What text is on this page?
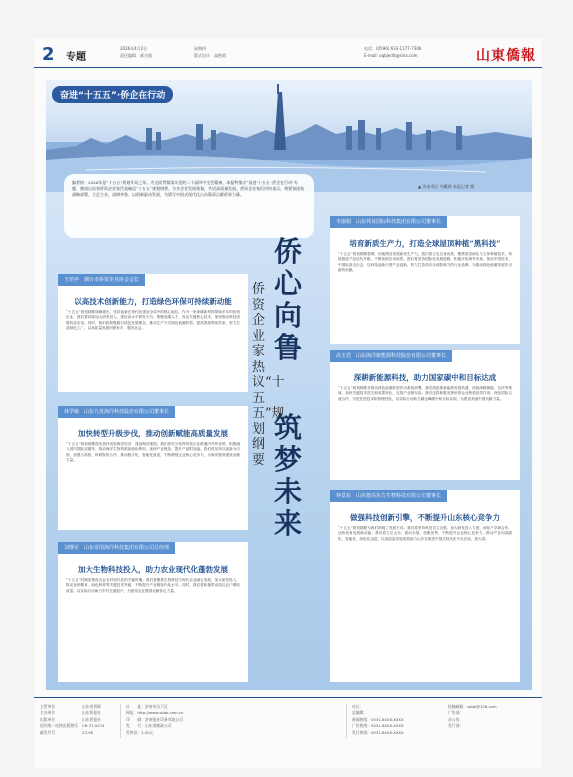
2 专题
2026年4月2日
责任编辑：郝吉霞
星期四
版式设计：高艳霞
电话：(0596) 633-1177-7306
E-mail: oqbjedit@sina.com	山東僑報
奋进“十五五”·侨企在行动
编者按：2026年是“十五五”规划开局之年。为全面贯彻落实党的二十届四中全会精神，本报特推出“奋进‘十五五’·侨企在行动”专题，邀请山东省侨资企业家代表畅谈“十五五”规划纲要，分享企业发展规划，共话高质量发展。侨资企业家们纷纷表示，将紧扣国家战略部署，立足主业、深耕齐鲁，以创新驱动发展，为谱写中国式现代化山东篇章贡献侨界力量。
▲ 济南市区 鸟瞰图 本报记者 摄
侨心向鲁
筑梦未来
侨资企业家热议“十五五”规划纲要
王培亭　烟台市侨资企业协会会长
以高技术创新能力，打造绿色环保可持续新动能
“十五五”规划纲要明确提出，坚持创新在现代化建设全局中的核心地位。作为一家深耕新材料领域多年的侨资企业，我们将持续加大研发投入，建设高水平研发平台，集聚高端人才，攻克关键核心技术，加快推动科技成果转化应用。同时，我们将积极践行绿色发展理念，推动生产方式绿色低碳转型，提高资源利用效率，努力打造绿色工厂，以高质量发展回报家乡、服务社会。
林学敏　山东九发海洋科技股份有限公司董事长
加快转型升级步伐，推动创新赋能高质量发展
“十五五”规划纲要提出加快发展海洋经济，建设海洋强国。我们将充分发挥侨资企业联通内外的优势，积极融入国内国际双循环，推动海洋生物资源高值化利用，延伸产业链条，提升产品附加值。我们将坚持以创新为引领，加强与高校、科研院所合作，推动数字化、智能化改造，不断增强企业核心竞争力，为海洋强省建设贡献力量。
刘继军　山东帝国海洋科技集团有限公司总经理
加大生物科技投入，助力农业现代化蓬勃发展
“十五五”时期是推进农业农村现代化的关键时期。我们将聚焦生物科技与现代农业融合发展，加大研发投入，推动良种繁育、绿色种养等关键技术突破，不断提升产业链现代化水平。同时，我们将积极带动周边农户增收致富，以实际行动助力乡村全面振兴，为建设农业强国贡献侨企力量。
李淑娟　山东邦业国际科技集团有限公司董事长
培育新质生产力，打造全球屋顶种植“黑科技”
“十五五”规划纲要强调，因地制宜发展新质生产力。我们将立足自身优势，聚焦屋顶绿化与立体种植技术，持续推进产品迭代升级，不断拓展应用场景。我们将坚持国际化发展道路，积极开拓海外市场，推动中国技术、中国标准走出去，以科技创新引领产业创新，努力打造具有全球影响力的行业品牌，为推动绿色低碳发展作出新的贡献。
高玉君　山东海洋新能源科技股份有限公司董事长
深耕新能源科技，助力国家碳中和目标达成
“十五五”规划纲要对推动绿色低碳转型作出系统部署。我们将抢抓新能源发展机遇，持续深耕储能、光伏等领域，加快关键技术攻关和成果转化，完善产业链布局。我们还将积极发挥侨资企业桥梁纽带作用，深化国际交流合作，引进先进技术和管理经验，以实际行动助力碳达峰碳中和目标实现，为建设美丽中国贡献力量。
钟景宸　山东德高东方生物科技有限公司董事长
做强科技创新引擎，不断提升山东核心竞争力
“十五五”规划纲要为我们指明了发展方向。我们将坚持科技自立自强，加大研发投入力度，深化产学研合作，加快培育发展新动能。我们将立足山东、面向全国、放眼世界，不断提升企业核心竞争力，推动产业向高端化、智能化、绿色化迈进，以高质量发展成果助力山东在推进中国式现代化中走在前、挑大梁。
主管单位
主办单位
出版单位
国内统一连续出版物号
邮发代号
山东省侨联
山东侨报社
山东侨报社
CN 37-0074
23-96
社　　址：济南市历下区
网址：http://www.sdqb.com.cn
印　　刷：济南报业印务有限公司
发　　行：山东省邮政公司
零售价：1.50元
社长：
总编辑：
新闻热线：0531-8XXX-XXXX
广告热线：0531-8XXX-XXXX
发行热线：0531-8XXX-XXXX
投稿邮箱：sdqb@126.com
广告部：
办公室：
发行部：
